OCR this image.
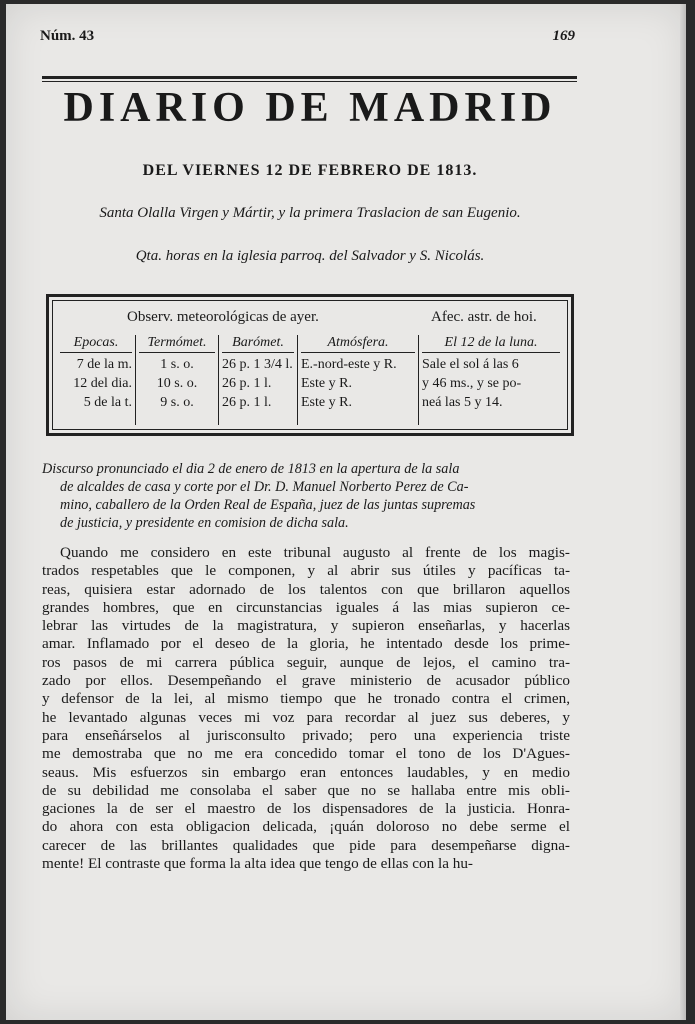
Núm. 43	169
DIARIO DE MADRID
DEL VIERNES 12 DE FEBRERO DE 1813.
Santa Olalla Virgen y Mártir, y la primera Traslacion de san Eugenio.
Qta. horas en la iglesia parroq. del Salvador y S. Nicolás.
Observ. meteorológicas de ayer.	Afec. astr. de hoi.
Epocas.
7 de la m.
12 del dia.
5 de la t.
Termómet.
1 s. o.
10 s. o.
9 s. o.
Barómet.
26 p. 1 3/4 l.
26 p. 1 l.
26 p. 1 l.
Atmósfera.
E.-nord-este y R.
Este y R.
Este y R.
El 12 de la luna.
Sale el sol á las 6
y 46 ms., y se po-
neá las 5 y 14.
Discurso pronunciado el dia 2 de enero de 1813 en la apertura de la sala
de alcaldes de casa y corte por el Dr. D. Manuel Norberto Perez de Ca-
mino, caballero de la Orden Real de España, juez de las juntas supremas
de justicia, y presidente en comision de dicha sala.
Quando me considero en este tribunal augusto al frente de los magis-
trados respetables que le componen, y al abrir sus útiles y pacíficas ta-
reas, quisiera estar adornado de los talentos con que brillaron aquellos
grandes hombres, que en circunstancias iguales á las mias supieron ce-
lebrar las virtudes de la magistratura, y supieron enseñarlas, y hacerlas
amar. Inflamado por el deseo de la gloria, he intentado desde los prime-
ros pasos de mi carrera pública seguir, aunque de lejos, el camino tra-
zado por ellos. Desempeñando el grave ministerio de acusador público
y defensor de la lei, al mismo tiempo que he tronado contra el crimen,
he levantado algunas veces mi voz para recordar al juez sus deberes, y
para enseñárselos al jurisconsulto privado; pero una experiencia triste
me demostraba que no me era concedido tomar el tono de los D'Agues-
seaus. Mis esfuerzos sin embargo eran entonces laudables, y en medio
de su debilidad me consolaba el saber que no se hallaba entre mis obli-
gaciones la de ser el maestro de los dispensadores de la justicia. Honra-
do ahora con esta obligacion delicada, ¡quán doloroso no debe serme el
carecer de las brillantes qualidades que pide para desempeñarse digna-
mente! El contraste que forma la alta idea que tengo de ellas con la hu-
